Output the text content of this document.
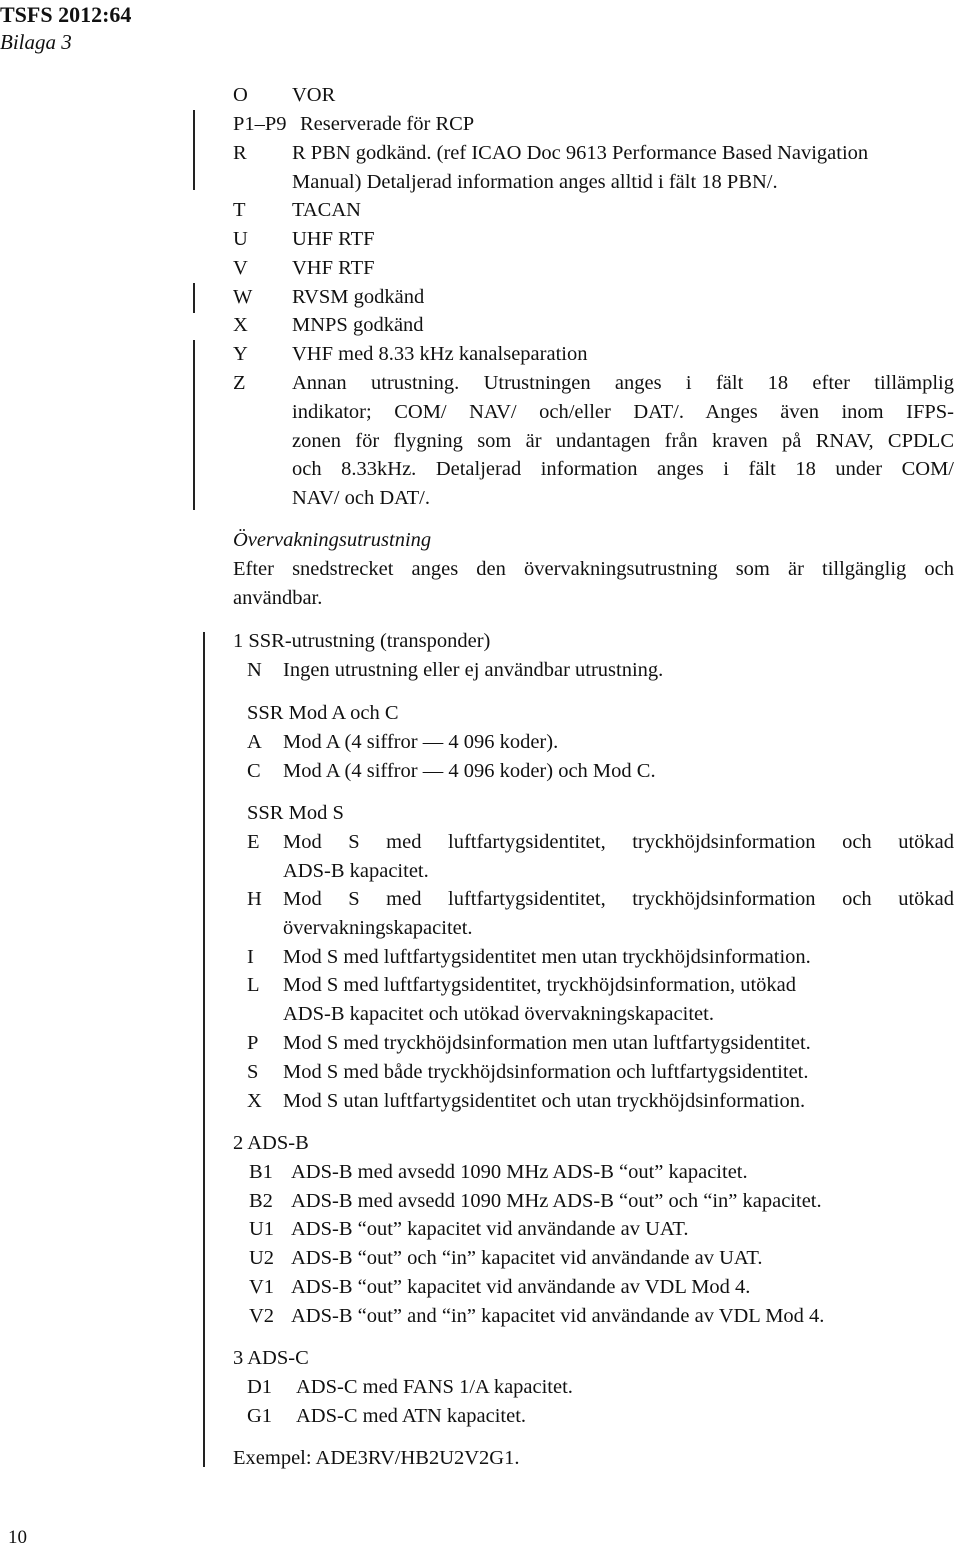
TSFS 2012:64
Bilaga 3
O VOR
P1–P9 Reserverade för RCP
R R PBN godkänd. (ref ICAO Doc 9613 Performance Based Navigation
Manual) Detaljerad information anges alltid i fält 18 PBN/.
T TACAN
U UHF RTF
V VHF RTF
W RVSM godkänd
X MNPS godkänd
Y VHF med 8.33 kHz kanalseparation
Z Annan utrustning. Utrustningen anges i fält 18 efter tillämplig
indikator; COM/ NAV/ och/eller DAT/. Anges även inom IFPS-
zonen för flygning som är undantagen från kraven på RNAV, CPDLC
och 8.33kHz. Detaljerad information anges i fält 18 under COM/
NAV/ och DAT/.
Övervakningsutrustning
Efter snedstrecket anges den övervakningsutrustning som är tillgänglig och
användbar.
1 SSR-utrustning (transponder)
N Ingen utrustning eller ej användbar utrustning.
SSR Mod A och C
A Mod A (4 siffror — 4 096 koder).
C Mod A (4 siffror — 4 096 koder) och Mod C.
SSR Mod S
E Mod S med luftfartygsidentitet, tryckhöjdsinformation och utökad
ADS-B kapacitet.
H Mod S med luftfartygsidentitet, tryckhöjdsinformation och utökad
övervakningskapacitet.
I Mod S med luftfartygsidentitet men utan tryckhöjdsinformation.
L Mod S med luftfartygsidentitet, tryckhöjdsinformation, utökad
ADS-B kapacitet och utökad övervakningskapacitet.
P Mod S med tryckhöjdsinformation men utan luftfartygsidentitet.
S Mod S med både tryckhöjdsinformation och luftfartygsidentitet.
X Mod S utan luftfartygsidentitet och utan tryckhöjdsinformation.
2 ADS-B
B1 ADS-B med avsedd 1090 MHz ADS-B “out” kapacitet.
B2 ADS-B med avsedd 1090 MHz ADS-B “out” och “in” kapacitet.
U1 ADS-B “out” kapacitet vid användande av UAT.
U2 ADS-B “out” och “in” kapacitet vid användande av UAT.
V1 ADS-B “out” kapacitet vid användande av VDL Mod 4.
V2 ADS-B “out” and “in” kapacitet vid användande av VDL Mod 4.
3 ADS-C
D1 ADS-C med FANS 1/A kapacitet.
G1 ADS-C med ATN kapacitet.
Exempel: ADE3RV/HB2U2V2G1.
10
